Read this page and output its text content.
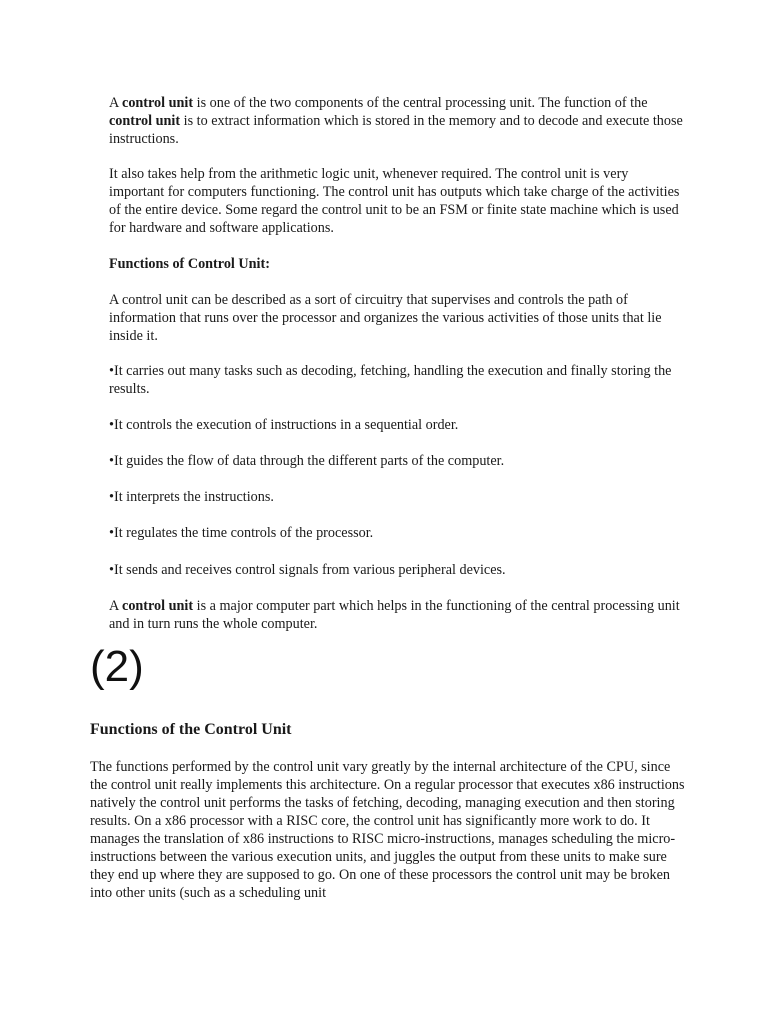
A control unit is one of the two components of the central processing unit. The function of the control unit is to extract information which is stored in the memory and to decode and execute those instructions.

It also takes help from the arithmetic logic unit, whenever required. The control unit is very important for computers functioning. The control unit has outputs which take charge of the activities of the entire device. Some regard the control unit to be an FSM or finite state machine which is used for hardware and software applications.

Functions of Control Unit:

A control unit can be described as a sort of circuitry that supervises and controls the path of information that runs over the processor and organizes the various activities of those units that lie inside it.

•It carries out many tasks such as decoding, fetching, handling the execution and finally storing the results.

•It controls the execution of instructions in a sequential order.

•It guides the flow of data through the different parts of the computer.

•It interprets the instructions.

•It regulates the time controls of the processor.

•It sends and receives control signals from various peripheral devices.

A control unit is a major computer part which helps in the functioning of the central processing unit and in turn runs the whole computer.

(2)

Functions of the Control Unit

The functions performed by the control unit vary greatly by the internal architecture of the CPU, since the control unit really implements this architecture. On a regular processor that executes x86 instructions natively the control unit performs the tasks of fetching, decoding, managing execution and then storing results. On a x86 processor with a RISC core, the control unit has significantly more work to do. It manages the translation of x86 instructions to RISC micro-instructions, manages scheduling the micro-instructions between the various execution units, and juggles the output from these units to make sure they end up where they are supposed to go. On one of these processors the control unit may be broken into other units (such as a scheduling unit
